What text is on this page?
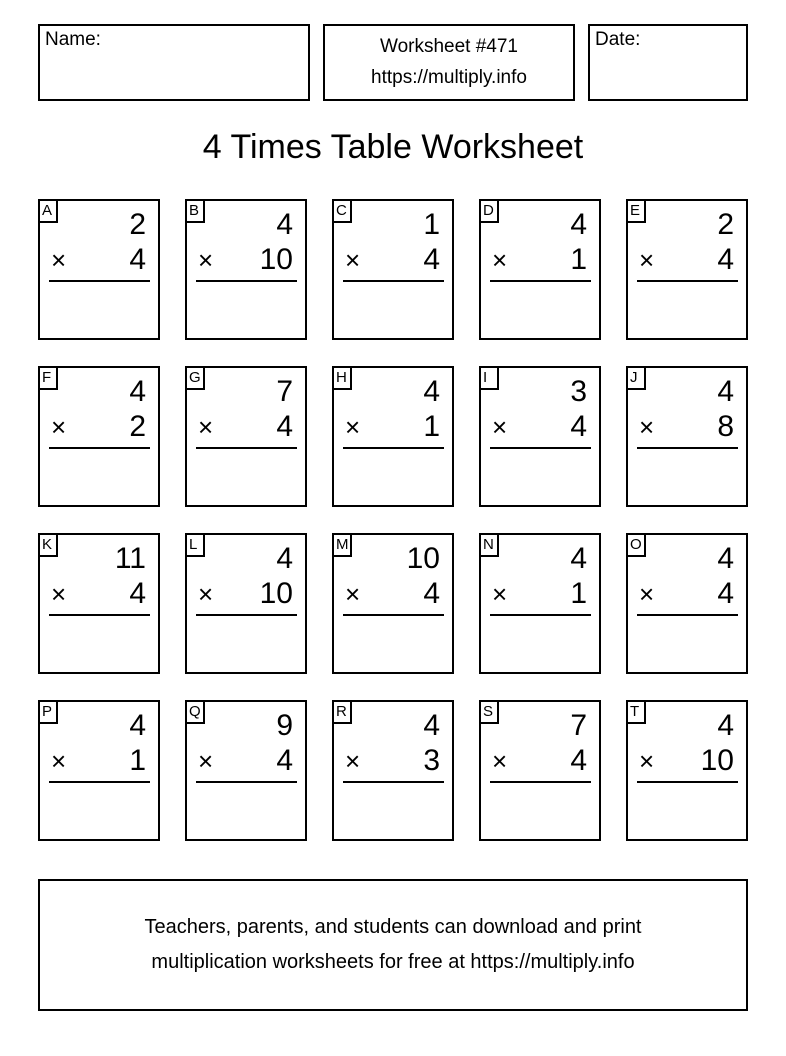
Name:	Worksheet #471
https://multiply.info
Date:
4 Times Table Worksheet
A	2
× 4
B	4
× 10
C	1
× 4
D	4
× 1
E	2
× 4
F	4
× 2
G	7
× 4
H	4
× 1
I	3
× 4
J	4
× 8
K 11
× 4
L	4
× 10
M 10
× 4
N	4
× 1
O	4
× 4
P	4
× 1
Q	9
× 4
R	4
× 3
S	7
× 4
T	4
× 10
Teachers, parents, and students can download and print
multiplication worksheets for free at https://multiply.info
